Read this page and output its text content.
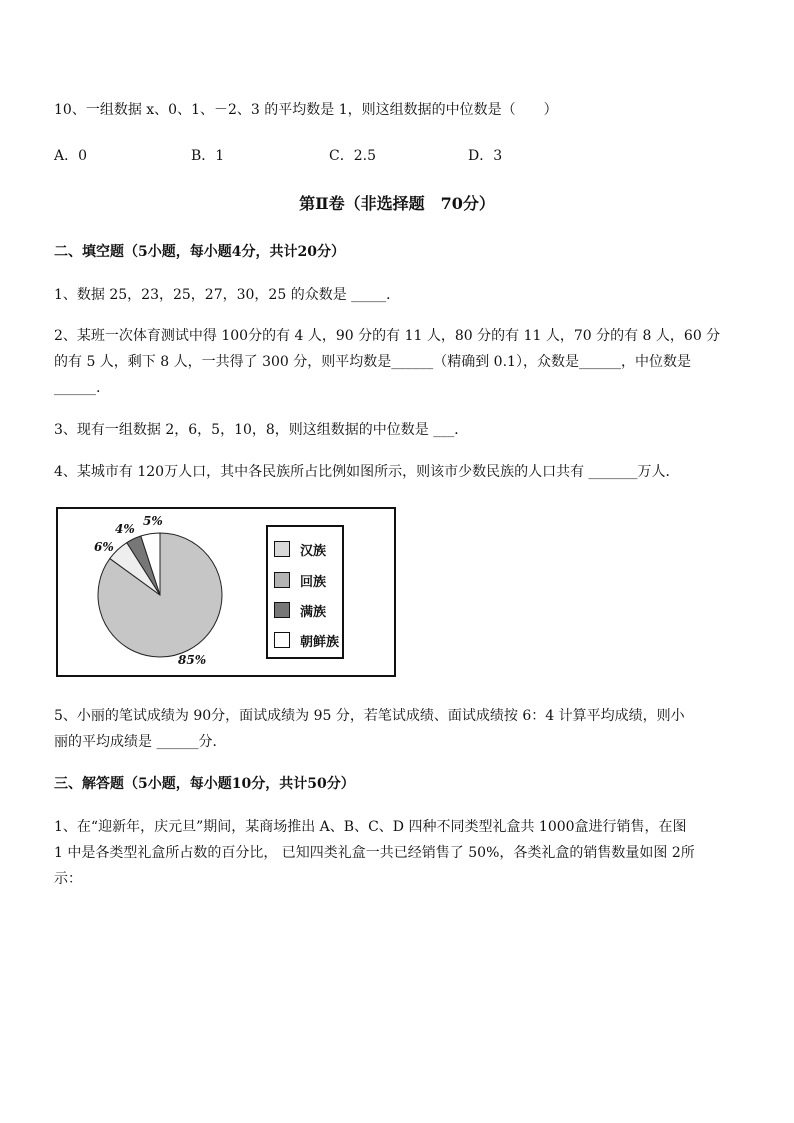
10、一组数据 x、0、1、－2、3 的平均数是 1，则这组数据的中位数是（　　）
A．0	B．1	C．2.5	D．3
第Ⅱ卷（非选择题　70分）
二、填空题（5小题，每小题4分，共计20分）
1、数据 25，23，25，27，30，25 的众数是 _____．
2、某班一次体育测试中得 100分的有 4 人，90 分的有 11 人，80 分的有 11 人，70 分的有 8 人，60 分
的有 5 人，剩下 8 人，一共得了 300 分，则平均数是______（精确到 0.1），众数是______，中位数是
______.
3、现有一组数据 2，6，5，10，8，则这组数据的中位数是 ___．
4、某城市有 120万人口，其中各民族所占比例如图所示，则该市少数民族的人口共有 _______万人．
6%
4%
5%
85%
汉族
回族
满族
朝鲜族
5、小丽的笔试成绩为 90分，面试成绩为 95 分，若笔试成绩、面试成绩按 6：4 计算平均成绩，则小
丽的平均成绩是 ______分．
三、解答题（5小题，每小题10分，共计50分）
1、在“迎新年，庆元旦”期间，某商场推出 A、B、C、D 四种不同类型礼盒共 1000盒进行销售，在图
1 中是各类型礼盒所占数的百分比， 已知四类礼盒一共已经销售了 50%，各类礼盒的销售数量如图 2所
示：
